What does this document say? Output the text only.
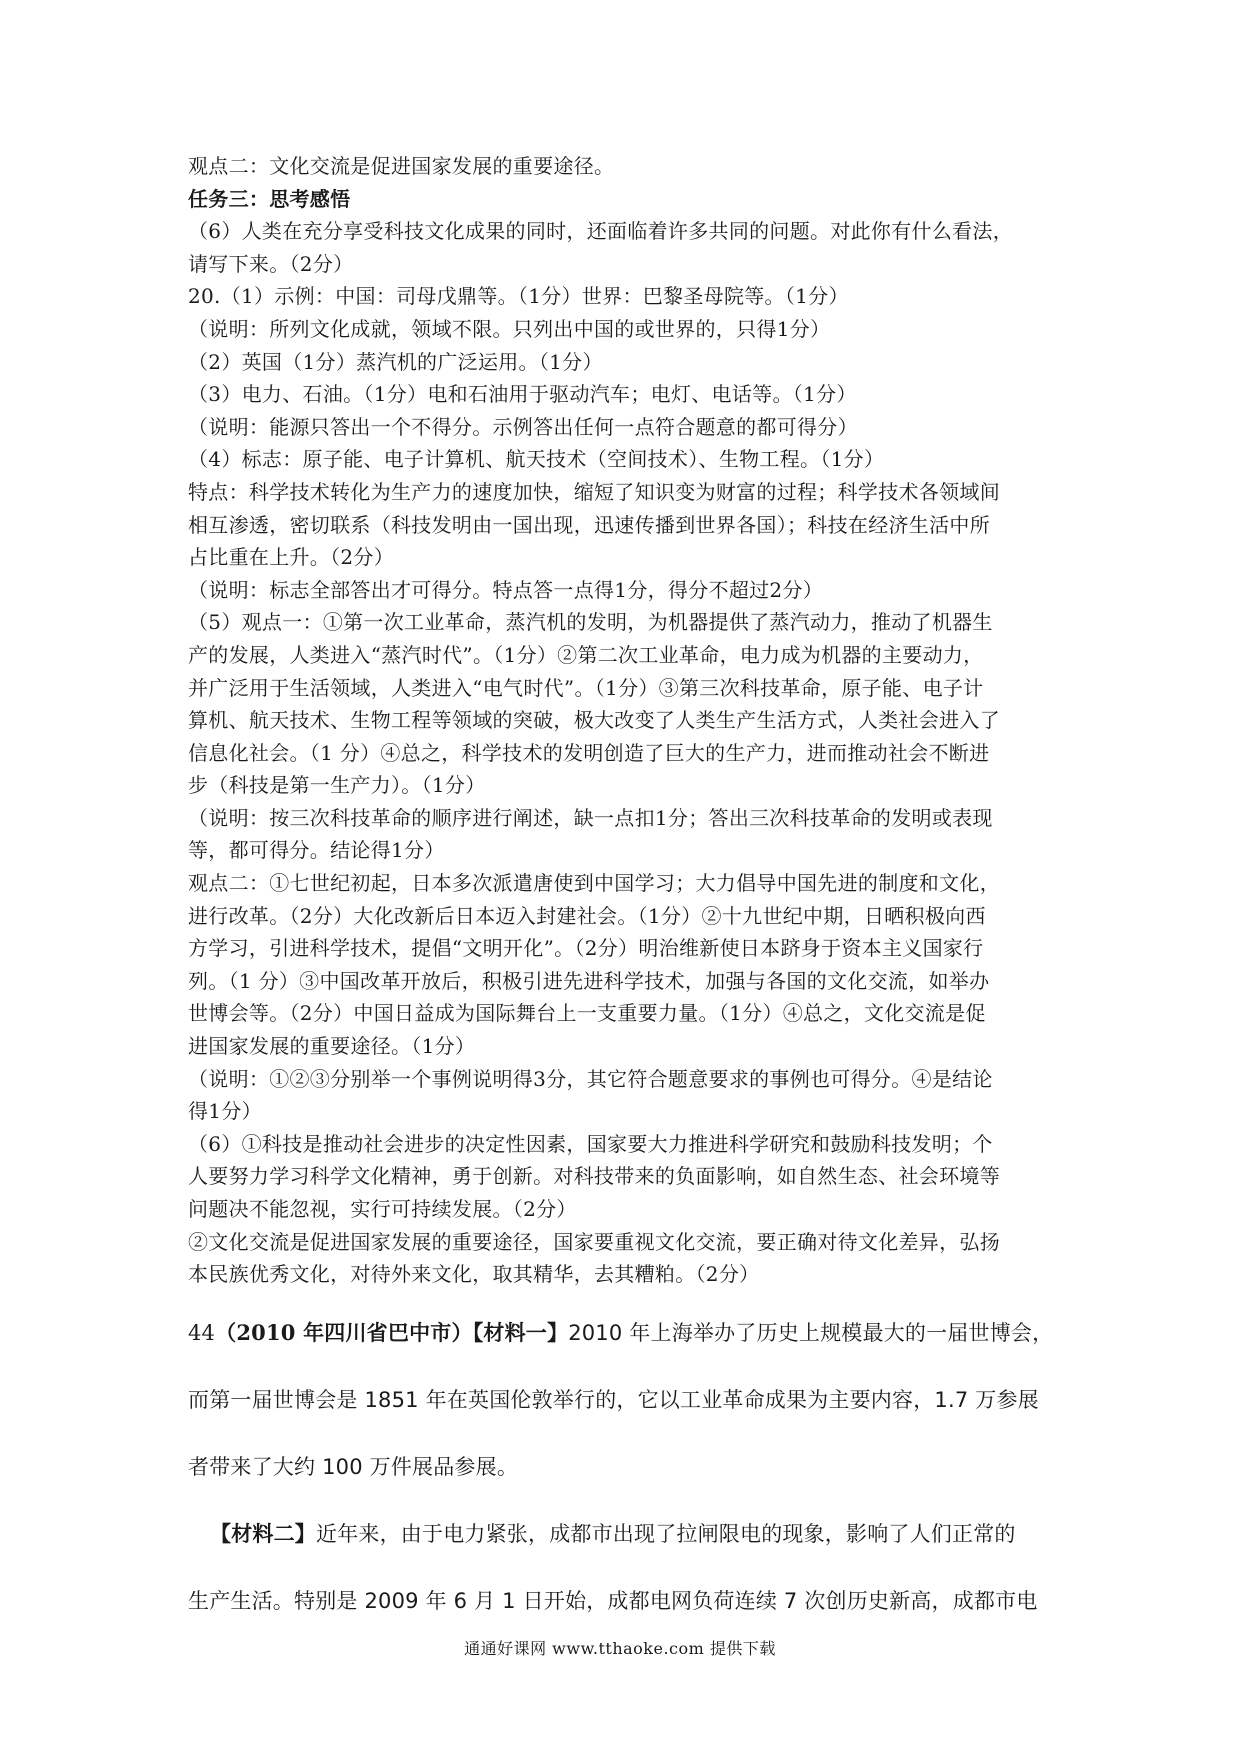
观点二：文化交流是促进国家发展的重要途径。
任务三：思考感悟
（6）人类在充分享受科技文化成果的同时，还面临着许多共同的问题。对此你有什么看法，
请写下来。（2分）
20.（1）示例：中国：司母戊鼎等。（1分）世界：巴黎圣母院等。（1分）
（说明：所列文化成就，领域不限。只列出中国的或世界的，只得1分）
（2）英国（1分）蒸汽机的广泛运用。（1分）
（3）电力、石油。（1分）电和石油用于驱动汽车；电灯、电话等。（1分）
（说明：能源只答出一个不得分。示例答出任何一点符合题意的都可得分）
（4）标志：原子能、电子计算机、航天技术（空间技术）、生物工程。（1分）
特点：科学技术转化为生产力的速度加快，缩短了知识变为财富的过程；科学技术各领域间
相互渗透，密切联系（科技发明由一国出现，迅速传播到世界各国）；科技在经济生活中所
占比重在上升。（2分）
（说明：标志全部答出才可得分。特点答一点得1分，得分不超过2分）
（5）观点一：①第一次工业革命，蒸汽机的发明，为机器提供了蒸汽动力，推动了机器生
产的发展，人类进入“蒸汽时代”。（1分）②第二次工业革命，电力成为机器的主要动力，
并广泛用于生活领域，人类进入“电气时代”。（1分）③第三次科技革命，原子能、电子计
算机、航天技术、生物工程等领域的突破，极大改变了人类生产生活方式，人类社会进入了
信息化社会。（1 分）④总之，科学技术的发明创造了巨大的生产力，进而推动社会不断进
步（科技是第一生产力）。（1分）
（说明：按三次科技革命的顺序进行阐述，缺一点扣1分；答出三次科技革命的发明或表现
等，都可得分。结论得1分）
观点二：①七世纪初起，日本多次派遣唐使到中国学习；大力倡导中国先进的制度和文化，
进行改革。（2分）大化改新后日本迈入封建社会。（1分）②十九世纪中期，日晒积极向西
方学习，引进科学技术，提倡“文明开化”。（2分）明治维新使日本跻身于资本主义国家行
列。（1 分）③中国改革开放后，积极引进先进科学技术，加强与各国的文化交流，如举办
世博会等。（2分）中国日益成为国际舞台上一支重要力量。（1分）④总之，文化交流是促
进国家发展的重要途径。（1分）
（说明：①②③分别举一个事例说明得3分，其它符合题意要求的事例也可得分。④是结论
得1分）
（6）①科技是推动社会进步的决定性因素，国家要大力推进科学研究和鼓励科技发明；个
人要努力学习科学文化精神，勇于创新。对科技带来的负面影响，如自然生态、社会环境等
问题决不能忽视，实行可持续发展。（2分）
②文化交流是促进国家发展的重要途径，国家要重视文化交流，要正确对待文化差异，弘扬
本民族优秀文化，对待外来文化，取其精华，去其糟粕。（2分）
44（2010 年四川省巴中市）【材料一】2010 年上海举办了历史上规模最大的一届世博会，
而第一届世博会是 1851 年在英国伦敦举行的，它以工业革命成果为主要内容，1.7 万参展
者带来了大约 100 万件展品参展。
【材料二】近年来，由于电力紧张，成都市出现了拉闸限电的现象，影响了人们正常的
生产生活。特别是 2009 年 6 月 1 日开始，成都电网负荷连续 7 次创历史新高，成都市电
通通好课网 www.tthaoke.com 提供下载
